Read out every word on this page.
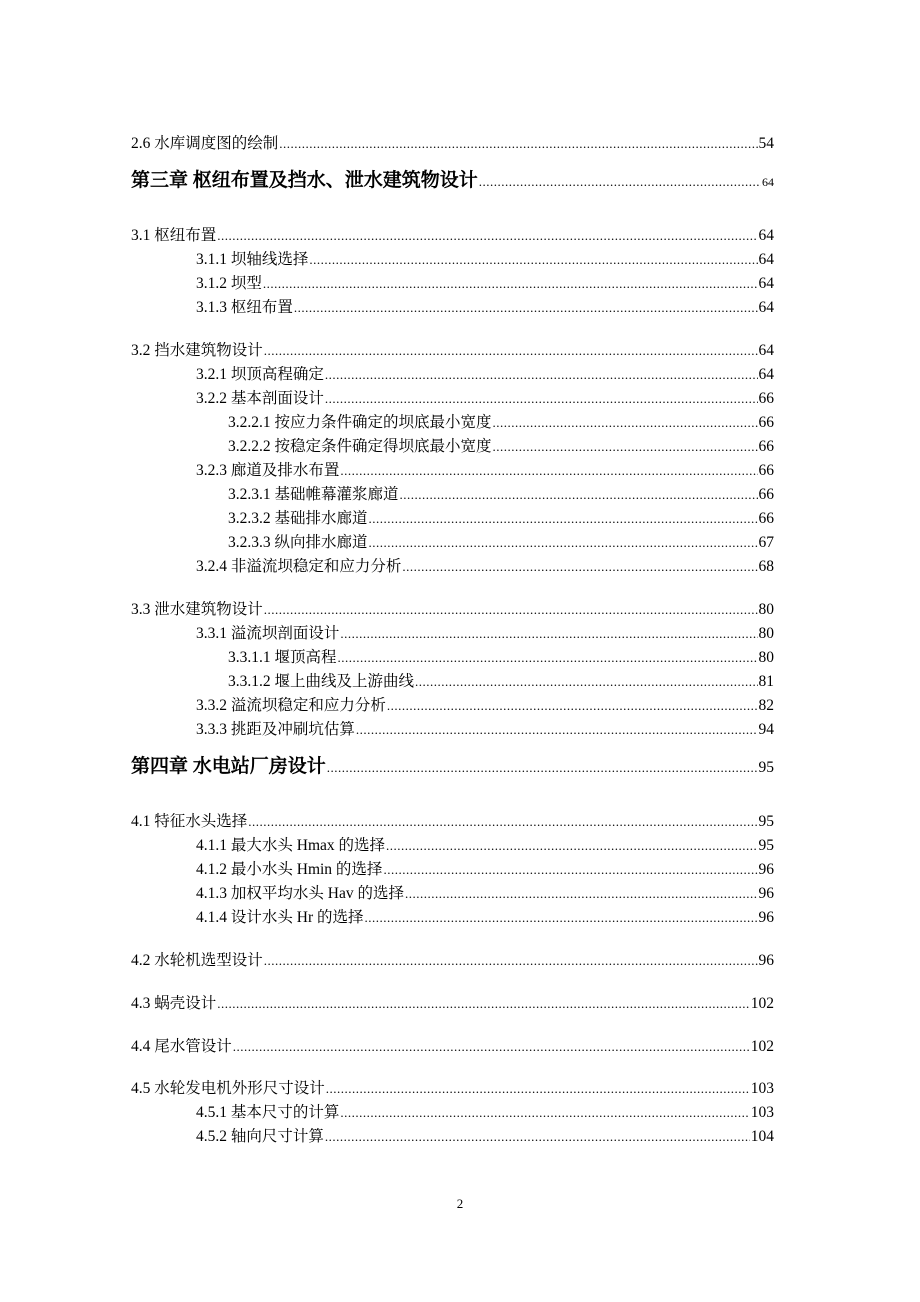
2.6 水库调度图的绘制 .....	54
第三章 枢纽布置及挡水、泄水建筑物设计 .....	64
3.1 枢纽布置 .....	64
3.1.1 坝轴线选择 .....	64
3.1.2 坝型 .....	64
3.1.3 枢纽布置 .....	64
3.2 挡水建筑物设计 .....	64
3.2.1 坝顶高程确定 .....	64
3.2.2 基本剖面设计 .....	66
3.2.2.1 按应力条件确定的坝底最小宽度 .....	66
3.2.2.2 按稳定条件确定得坝底最小宽度 .....	66
3.2.3 廊道及排水布置 .....	66
3.2.3.1 基础帷幕灌浆廊道 .....	66
3.2.3.2 基础排水廊道 .....	66
3.2.3.3 纵向排水廊道 .....	67
3.2.4 非溢流坝稳定和应力分析 .....	68
3.3 泄水建筑物设计 .....	80
3.3.1 溢流坝剖面设计 .....	80
3.3.1.1 堰顶高程 .....	80
3.3.1.2 堰上曲线及上游曲线 .....	81
3.3.2 溢流坝稳定和应力分析 .....	82
3.3.3 挑距及冲刷坑估算 .....	94
第四章 水电站厂房设计 .....	95
4.1 特征水头选择 .....	95
4.1.1 最大水头 Hmax 的选择 .....	95
4.1.2 最小水头 Hmin 的选择 .....	96
4.1.3 加权平均水头 Hav 的选择 .....	96
4.1.4 设计水头 Hr 的选择 .....	96
4.2 水轮机选型设计 .....	96
4.3 蜗壳设计 .....	102
4.4 尾水管设计 .....	102
4.5 水轮发电机外形尺寸设计 .....	103
4.5.1 基本尺寸的计算 .....	103
4.5.2 轴向尺寸计算 .....	104
2
